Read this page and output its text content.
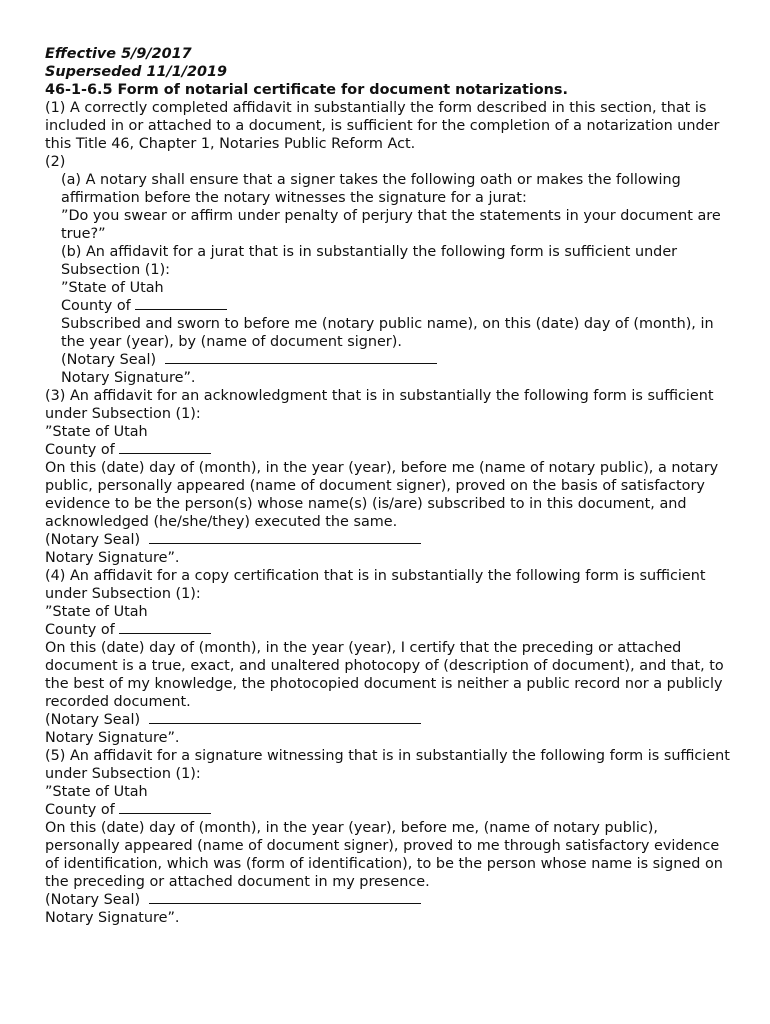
Effective 5/9/2017
Superseded 11/1/2019
46-1-6.5 Form of notarial certificate for document notarizations.
(1) A correctly completed affidavit in substantially the form described in this section, that is included in or attached to a document, is sufficient for the completion of a notarization under this Title 46, Chapter 1, Notaries Public Reform Act.
(2)
(a) A notary shall ensure that a signer takes the following oath or makes the following affirmation before the notary witnesses the signature for a jurat:
”Do you swear or affirm under penalty of perjury that the statements in your document are true?”
(b) An affidavit for a jurat that is in substantially the following form is sufficient under Subsection (1):
”State of Utah
County of
Subscribed and sworn to before me (notary public name), on this (date) day of (month), in the year (year), by (name of document signer).
(Notary Seal)
Notary Signature”.
(3) An affidavit for an acknowledgment that is in substantially the following form is sufficient under Subsection (1):
”State of Utah
County of
On this (date) day of (month), in the year (year), before me (name of notary public), a notary public, personally appeared (name of document signer), proved on the basis of satisfactory evidence to be the person(s) whose name(s) (is/are) subscribed to in this document, and acknowledged (he/she/they) executed the same.
(Notary Seal)
Notary Signature”.
(4) An affidavit for a copy certification that is in substantially the following form is sufficient under Subsection (1):
”State of Utah
County of
On this (date) day of (month), in the year (year), I certify that the preceding or attached document is a true, exact, and unaltered photocopy of (description of document), and that, to the best of my knowledge, the photocopied document is neither a public record nor a publicly recorded document.
(Notary Seal)
Notary Signature”.
(5) An affidavit for a signature witnessing that is in substantially the following form is sufficient under Subsection (1):
”State of Utah
County of
On this (date) day of (month), in the year (year), before me, (name of notary public), personally appeared (name of document signer), proved to me through satisfactory evidence of identification, which was (form of identification), to be the person whose name is signed on the preceding or attached document in my presence.
(Notary Seal)
Notary Signature”.
